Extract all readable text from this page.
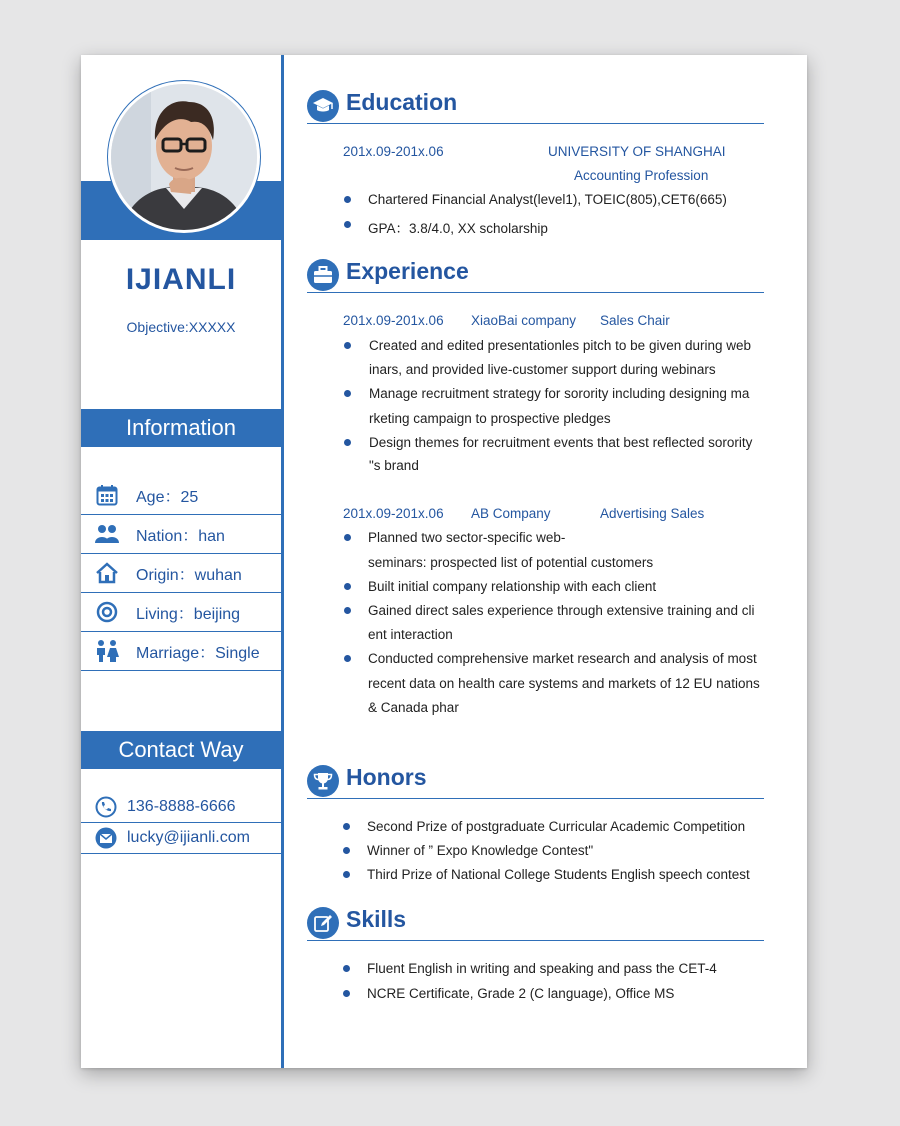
IJIANLI
Objective:XXXXX
Information
Age：25
Nation：han
Origin：wuhan
Living：beijing
Marriage：Single
Contact Way
136-8888-6666
lucky@ijianli.com
Education
201x.09-201x.06	UNIVERSITY OF SHANGHAI
Accounting Profession
Chartered Financial Analyst(level1), TOEIC(805),CET6(665)
GPA：3.8/4.0, XX scholarship
Experience
201x.09-201x.06 XiaoBai company Sales Chair
Created and edited presentationles pitch to be given during web
inars, and provided live-customer support during webinars
Manage recruitment strategy for sorority including designing ma
rketing campaign to prospective pledges
Design themes for recruitment events that best reflected sorority
"s brand
201x.09-201x.06 AB Company	Advertising Sales
Planned two sector-specific web-
seminars: prospected list of potential customers
Built initial company relationship with each client
Gained direct sales experience through extensive training and cli
ent interaction
Conducted comprehensive market research and analysis of most
recent data on health care systems and markets of 12 EU nations
& Canada phar
Honors
Second Prize of postgraduate Curricular Academic Competition
Winner of ” Expo Knowledge Contest"
Third Prize of National College Students English speech contest
Skills
Fluent English in writing and speaking and pass the CET-4
NCRE Certificate, Grade 2 (C language), Office MS
